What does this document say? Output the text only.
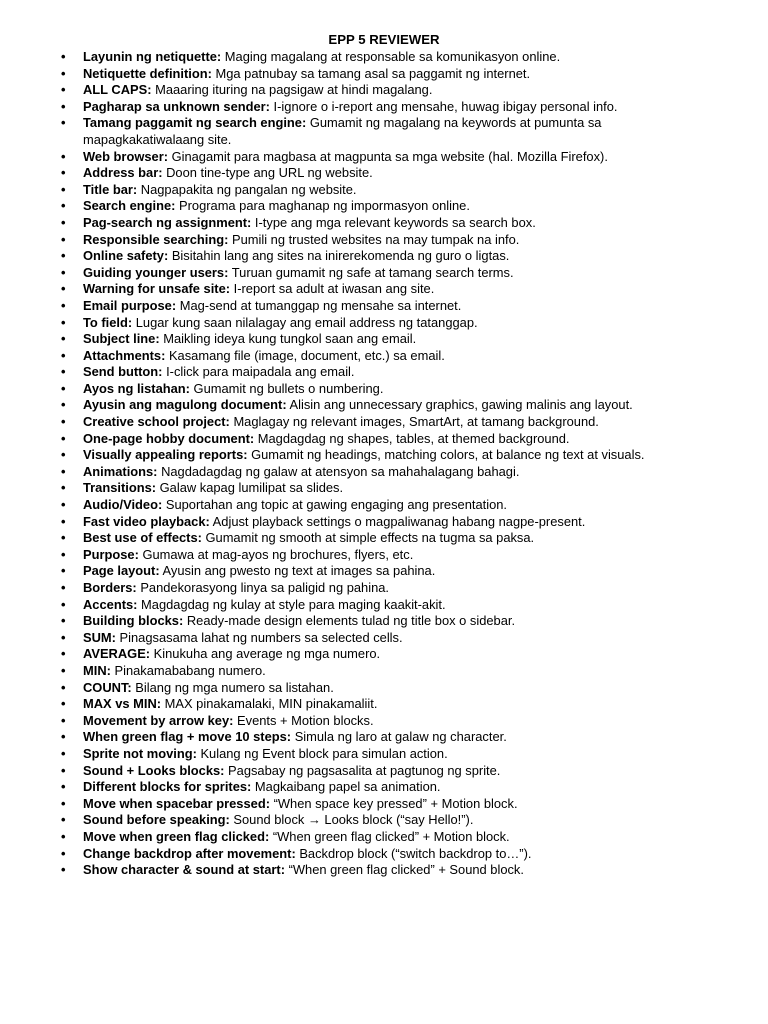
EPP 5 REVIEWER
• Layunin ng netiquette: Maging magalang at responsable sa komunikasyon online.
• Netiquette definition: Mga patnubay sa tamang asal sa paggamit ng internet.
• ALL CAPS: Maaaring ituring na pagsigaw at hindi magalang.
• Pagharap sa unknown sender: I-ignore o i-report ang mensahe, huwag ibigay personal info.
• Tamang paggamit ng search engine: Gumamit ng magalang na keywords at pumunta sa mapagkakatiwalaang site.
• Web browser: Ginagamit para magbasa at magpunta sa mga website (hal. Mozilla Firefox).
• Address bar: Doon tine-type ang URL ng website.
• Title bar: Nagpapakita ng pangalan ng website.
• Search engine: Programa para maghanap ng impormasyon online.
• Pag-search ng assignment: I-type ang mga relevant keywords sa search box.
• Responsible searching: Pumili ng trusted websites na may tumpak na info.
• Online safety: Bisitahin lang ang sites na inirerekomenda ng guro o ligtas.
• Guiding younger users: Turuan gumamit ng safe at tamang search terms.
• Warning for unsafe site: I-report sa adult at iwasan ang site.
• Email purpose: Mag-send at tumanggap ng mensahe sa internet.
• To field: Lugar kung saan nilalagay ang email address ng tatanggap.
• Subject line: Maikling ideya kung tungkol saan ang email.
• Attachments: Kasamang file (image, document, etc.) sa email.
• Send button: I-click para maipadala ang email.
• Ayos ng listahan: Gumamit ng bullets o numbering.
• Ayusin ang magulong document: Alisin ang unnecessary graphics, gawing malinis ang layout.
• Creative school project: Maglagay ng relevant images, SmartArt, at tamang background.
• One-page hobby document: Magdagdag ng shapes, tables, at themed background.
• Visually appealing reports: Gumamit ng headings, matching colors, at balance ng text at visuals.
• Animations: Nagdadagdag ng galaw at atensyon sa mahahalagang bahagi.
• Transitions: Galaw kapag lumilipat sa slides.
• Audio/Video: Suportahan ang topic at gawing engaging ang presentation.
• Fast video playback: Adjust playback settings o magpaliwanag habang nagpe-present.
• Best use of effects: Gumamit ng smooth at simple effects na tugma sa paksa.
• Purpose: Gumawa at mag-ayos ng brochures, flyers, etc.
• Page layout: Ayusin ang pwesto ng text at images sa pahina.
• Borders: Pandekorasyong linya sa paligid ng pahina.
• Accents: Magdagdag ng kulay at style para maging kaakit-akit.
• Building blocks: Ready-made design elements tulad ng title box o sidebar.
• SUM: Pinagsasama lahat ng numbers sa selected cells.
• AVERAGE: Kinukuha ang average ng mga numero.
• MIN: Pinakamababang numero.
• COUNT: Bilang ng mga numero sa listahan.
• MAX vs MIN: MAX pinakamalaki, MIN pinakamaliit.
• Movement by arrow key: Events + Motion blocks.
• When green flag + move 10 steps: Simula ng laro at galaw ng character.
• Sprite not moving: Kulang ng Event block para simulan action.
• Sound + Looks blocks: Pagsabay ng pagsasalita at pagtunog ng sprite.
• Different blocks for sprites: Magkaibang papel sa animation.
• Move when spacebar pressed: “When space key pressed” + Motion block.
• Sound before speaking: Sound block → Looks block (“say Hello!”).
• Move when green flag clicked: “When green flag clicked” + Motion block.
• Change backdrop after movement: Backdrop block (“switch backdrop to…”).
• Show character & sound at start: “When green flag clicked” + Sound block.
